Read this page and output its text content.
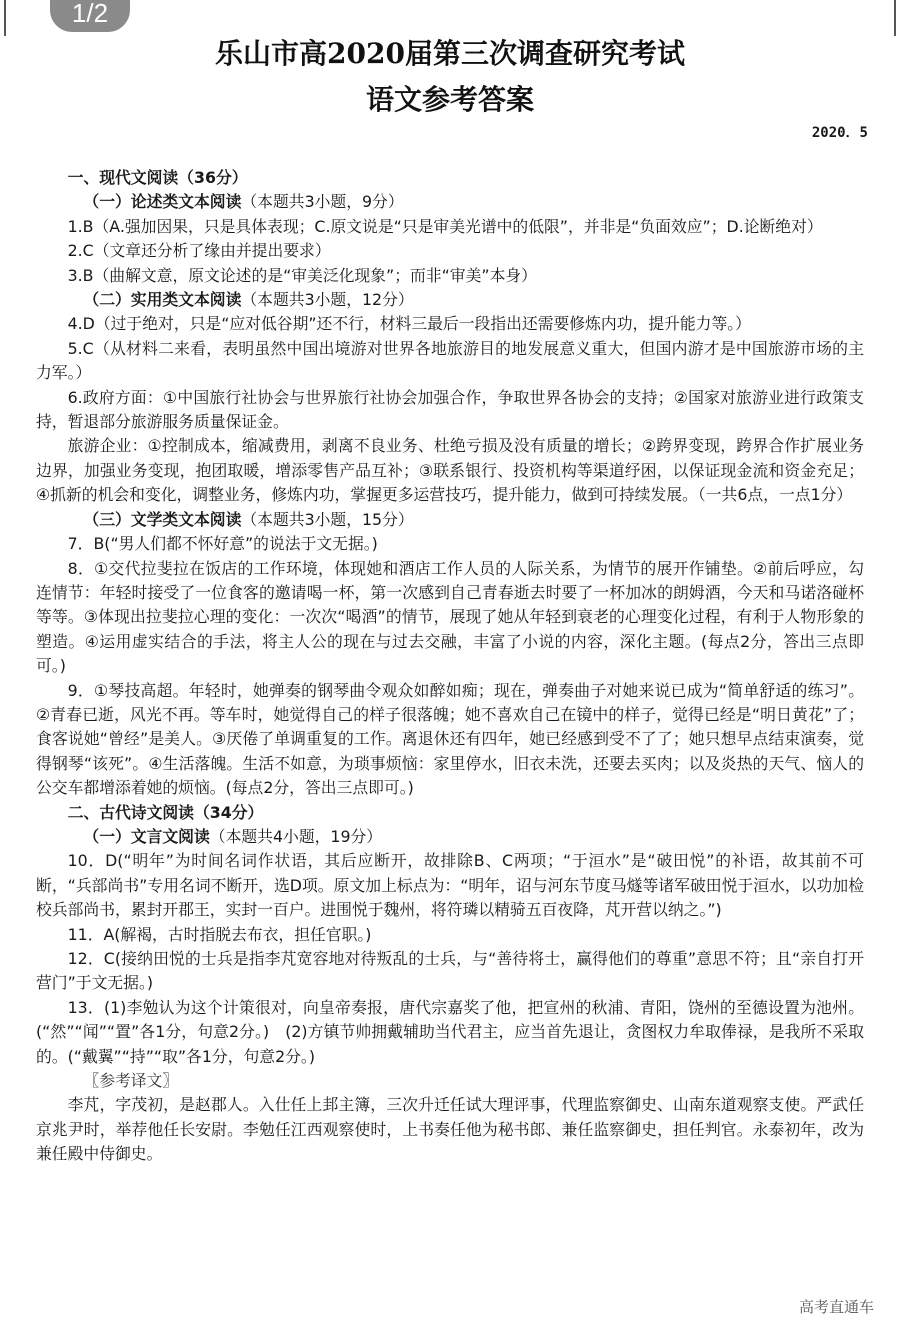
1/2
乐山市高2020届第三次调查研究考试
语文参考答案
2020．5

一、现代文阅读（36分）

（一）论述类文本阅读（本题共3小题，9分）

1.B（A.强加因果，只是具体表现；C.原文说是“只是审美光谱中的低限”，并非是“负面效应”；D.论断绝对）

2.C（文章还分析了缘由并提出要求）

3.B（曲解文意，原文论述的是“审美泛化现象”；而非“审美”本身）

（二）实用类文本阅读（本题共3小题，12分）

4.D（过于绝对，只是“应对低谷期”还不行，材料三最后一段指出还需要修炼内功，提升能力等。）

5.C（从材料二来看，表明虽然中国出境游对世界各地旅游目的地发展意义重大，但国内游才是中国旅游市场的主力军。）

6.政府方面：①中国旅行社协会与世界旅行社协会加强合作，争取世界各协会的支持；②国家对旅游业进行政策支持，暂退部分旅游服务质量保证金。

旅游企业：①控制成本，缩减费用，剥离不良业务、杜绝亏损及没有质量的增长；②跨界变现，跨界合作扩展业务边界，加强业务变现，抱团取暖，增添零售产品互补；③联系银行、投资机构等渠道纾困，以保证现金流和资金充足；④抓新的机会和变化，调整业务，修炼内功，掌握更多运营技巧，提升能力，做到可持续发展。（一共6点，一点1分）

（三）文学类文本阅读（本题共3小题，15分）

7．B(“男人们都不怀好意”的说法于文无据。)

8．①交代拉斐拉在饭店的工作环境，体现她和酒店工作人员的人际关系，为情节的展开作铺垫。②前后呼应，勾连情节：年轻时接受了一位食客的邀请喝一杯，第一次感到自己青春逝去时要了一杯加冰的朗姆酒，今天和马诺洛碰杯等等。③体现出拉斐拉心理的变化：一次次“喝酒”的情节，展现了她从年轻到衰老的心理变化过程，有利于人物形象的塑造。④运用虚实结合的手法，将主人公的现在与过去交融，丰富了小说的内容，深化主题。(每点2分，答出三点即可。)

9．①琴技高超。年轻时，她弹奏的钢琴曲令观众如醉如痴；现在，弹奏曲子对她来说已成为“简单舒适的练习”。②青春已逝，风光不再。等车时，她觉得自己的样子很落魄；她不喜欢自己在镜中的样子，觉得已经是“明日黄花”了；食客说她“曾经”是美人。③厌倦了单调重复的工作。离退休还有四年，她已经感到受不了了；她只想早点结束演奏，觉得钢琴“该死”。④生活落魄。生活不如意，为琐事烦恼：家里停水，旧衣未洗，还要去买肉；以及炎热的天气、恼人的公交车都增添着她的烦恼。(每点2分，答出三点即可。)

二、古代诗文阅读（34分）

（一）文言文阅读（本题共4小题，19分）

10．D(“明年”为时间名词作状语，其后应断开，故排除B、C两项；“于洹水”是“破田悦”的补语，故其前不可断，“兵部尚书”专用名词不断开，选D项。原文加上标点为：“明年，诏与河东节度马燧等诸军破田悦于洹水，以功加检校兵部尚书，累封开郡王，实封一百户。进围悦于魏州，将符璘以精骑五百夜降，芃开营以纳之。”)

11．A(解褐，古时指脱去布衣，担任官职。)

12．C(接纳田悦的士兵是指李芃宽容地对待叛乱的士兵，与“善待将士，赢得他们的尊重”意思不符；且“亲自打开营门”于文无据。)

13．(1)李勉认为这个计策很对，向皇帝奏报，唐代宗嘉奖了他，把宣州的秋浦、青阳，饶州的至德设置为池州。(“然”“闻”“置”各1分，句意2分。)　(2)方镇节帅拥戴辅助当代君主，应当首先退让，贪图权力牟取俸禄，是我所不采取的。(“戴翼”“持”“取”各1分，句意2分。)

〖参考译文〗

李芃，字茂初，是赵郡人。入仕任上邽主簿，三次升迁任试大理评事，代理监察御史、山南东道观察支使。严武任京兆尹时，举荐他任长安尉。李勉任江西观察使时，上书奏任他为秘书郎、兼任监察御史，担任判官。永泰初年，改为兼任殿中侍御史。

高考直通车
